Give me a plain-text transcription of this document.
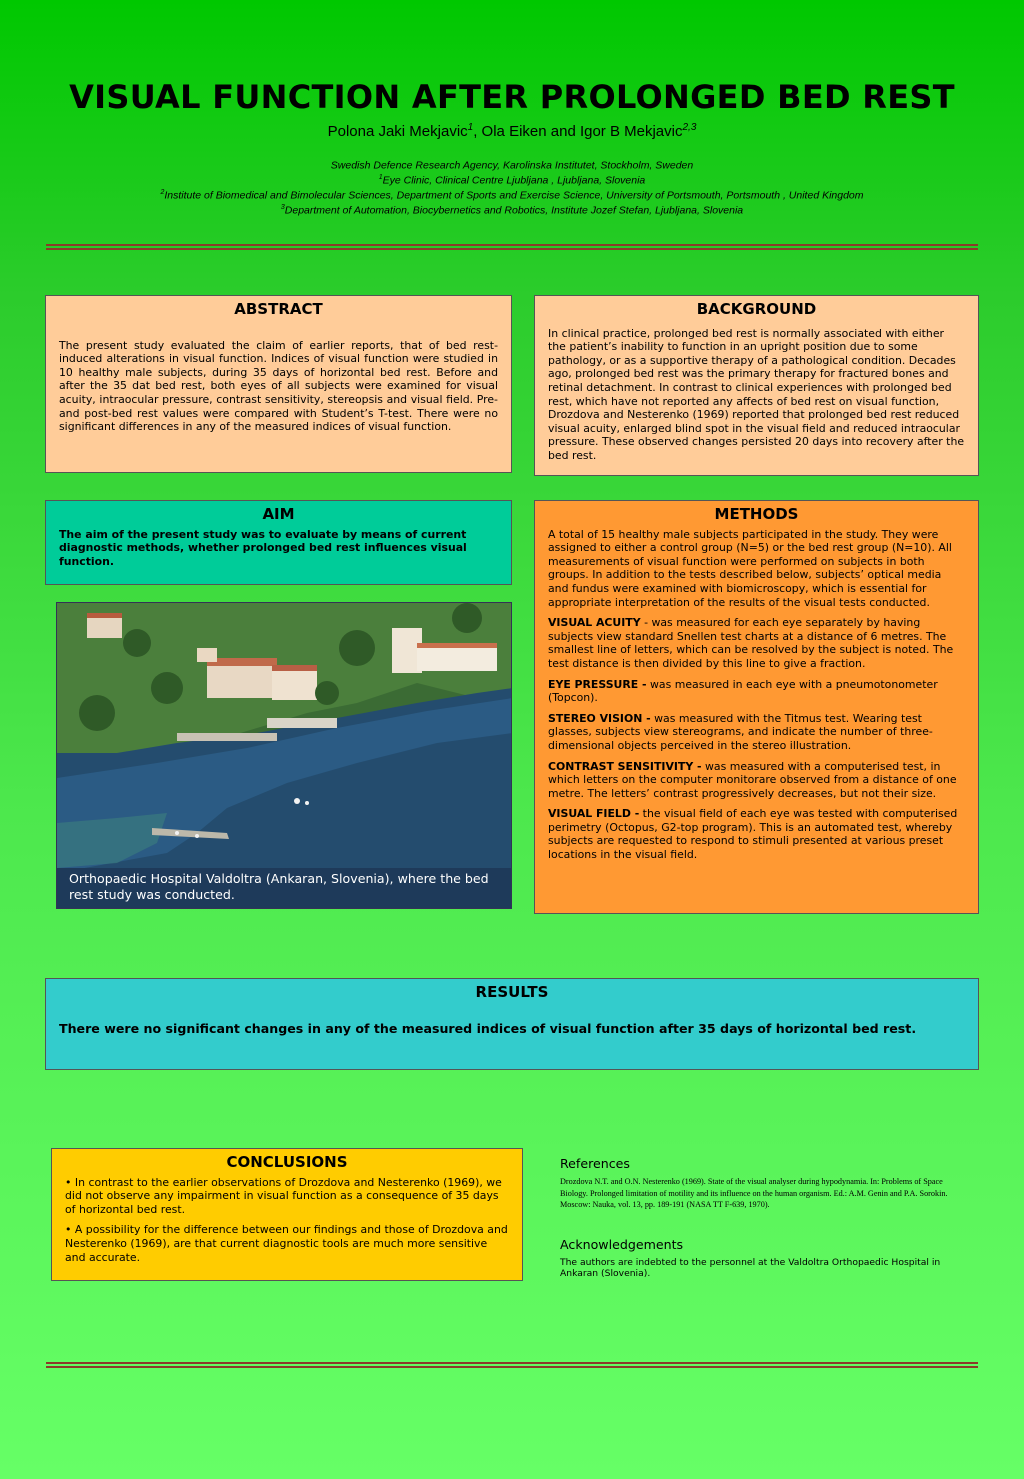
VISUAL FUNCTION AFTER PROLONGED BED REST
Polona Jaki Mekjavic$^1$, Ola Eiken and Igor B Mekjavic$^{2,3}$
Swedish Defence Research Agency, Karolinska Institutet, Stockholm, Sweden
$^1$Eye Clinic, Clinical Centre Ljubljana , Ljubljana, Slovenia
$^2$Institute of Biomedical and Bimolecular Sciences, Department of Sports and Exercise Science, University of Portsmouth, Portsmouth , United Kingdom
$^3$Department of Automation, Biocybernetics and Robotics, Institute Jozef Stefan, Ljubljana, Slovenia
ABSTRACT

The present study evaluated the claim of earlier reports, that of bed rest-induced alterations in visual function. Indices of visual function were studied in 10 healthy male subjects, during 35 days of horizontal bed rest. Before and after the 35 dat bed rest, both eyes of all subjects were examined for visual acuity, intraocular pressure, contrast sensitivity, stereopsis and visual field. Pre- and post-bed rest values were compared with Student’s T-test. There were no significant differences in any of the measured indices of visual function.

BACKGROUND

In clinical practice, prolonged bed rest is normally associated with either the patient’s inability to function in an upright position due to some pathology, or as a supportive therapy of a pathological condition. Decades ago, prolonged bed rest was the primary therapy for fractured bones and retinal detachment. In contrast to clinical experiences with prolonged bed rest, which have not reported any affects of bed rest on visual function, Drozdova and Nesterenko (1969) reported that prolonged bed rest reduced visual acuity, enlarged blind spot in the visual field and reduced intraocular pressure. These observed changes persisted 20 days into recovery after the bed rest.

AIM

The aim of the present study was to evaluate by means of current diagnostic methods, whether prolonged bed rest influences visual function.

Orthopaedic Hospital Valdoltra (Ankaran, Slovenia), where the bed rest study was conducted.
METHODS

A total of 15 healthy male subjects participated in the study. They were assigned to either a control group (N=5) or the bed rest group (N=10). All measurements of visual function were performed on subjects in both groups. In addition to the tests described below, subjects’ optical media and fundus were examined with biomicroscopy, which is essential for appropriate interpretation of the results of the visual tests conducted.

VISUAL ACUITY - was measured for each eye separately by having subjects view standard Snellen test charts at a distance of 6 metres. The smallest line of letters, which can be resolved by the subject is noted. The test distance is then divided by this line to give a fraction.

EYE PRESSURE - was measured in each eye with a pneumotonometer (Topcon).

STEREO VISION - was measured with the Titmus test. Wearing test glasses, subjects view stereograms, and indicate the number of three-dimensional objects perceived in the stereo illustration.

CONTRAST SENSITIVITY - was measured with a computerised test, in which letters on the computer monitorare observed from a distance of one metre. The letters’ contrast progressively decreases, but not their size.

VISUAL FIELD - the visual field of each eye was tested with computerised perimetry (Octopus, G2-top program). This is an automated test, whereby subjects are requested to respond to stimuli presented at various preset locations in the visual field.

RESULTS

There were no significant changes in any of the measured indices of visual function after 35 days of horizontal bed rest.

CONCLUSIONS

• In contrast to the earlier observations of Drozdova and Nesterenko (1969), we did not observe any impairment in visual function as a consequence of 35 days of horizontal bed rest.

• A possibility for the difference between our findings and those of Drozdova and Nesterenko (1969), are that current diagnostic tools are much more sensitive and accurate.

References

Drozdova N.T. and O.N. Nesterenko (1969). State of the visual analyser during hypodynamia. In: Problems of Space Biology. Prolonged limitation of motility and its influence on the human organism. Ed.: A.M. Genin and P.A. Sorokin. Moscow: Nauka, vol. 13, pp. 189-191 (NASA TT F-639, 1970).

Acknowledgements

The authors are indebted to the personnel at the Valdoltra Orthopaedic Hospital in Ankaran (Slovenia).
